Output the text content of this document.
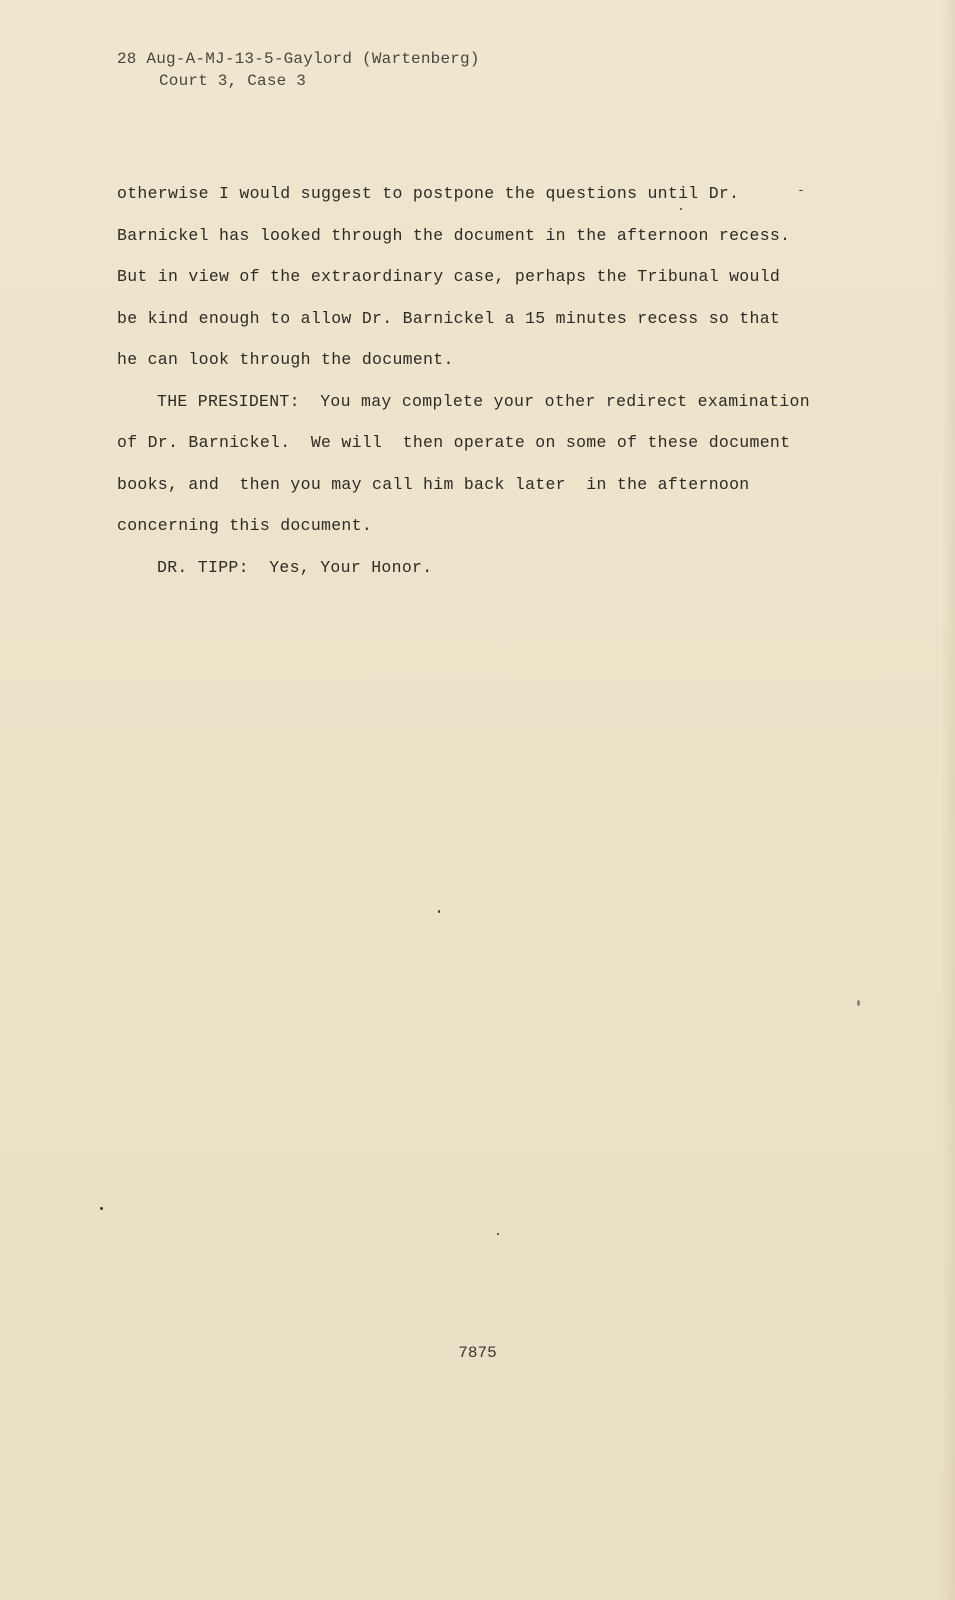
28 Aug-A-MJ-13-5-Gaylord (Wartenberg)
Court 3, Case 3

otherwise I would suggest to postpone the questions until Dr.

Barnickel has looked through the document in the afternoon recess.

But in view of the extraordinary case, perhaps the Tribunal would

be kind enough to allow Dr. Barnickel a 15 minutes recess so that

he can look through the document.

THE PRESIDENT:  You may complete your other redirect examination

of Dr. Barnickel.  We will  then operate on some of these document

books, and  then you may call him back later  in the afternoon

concerning this document.

DR. TIPP:  Yes, Your Honor.

7875
